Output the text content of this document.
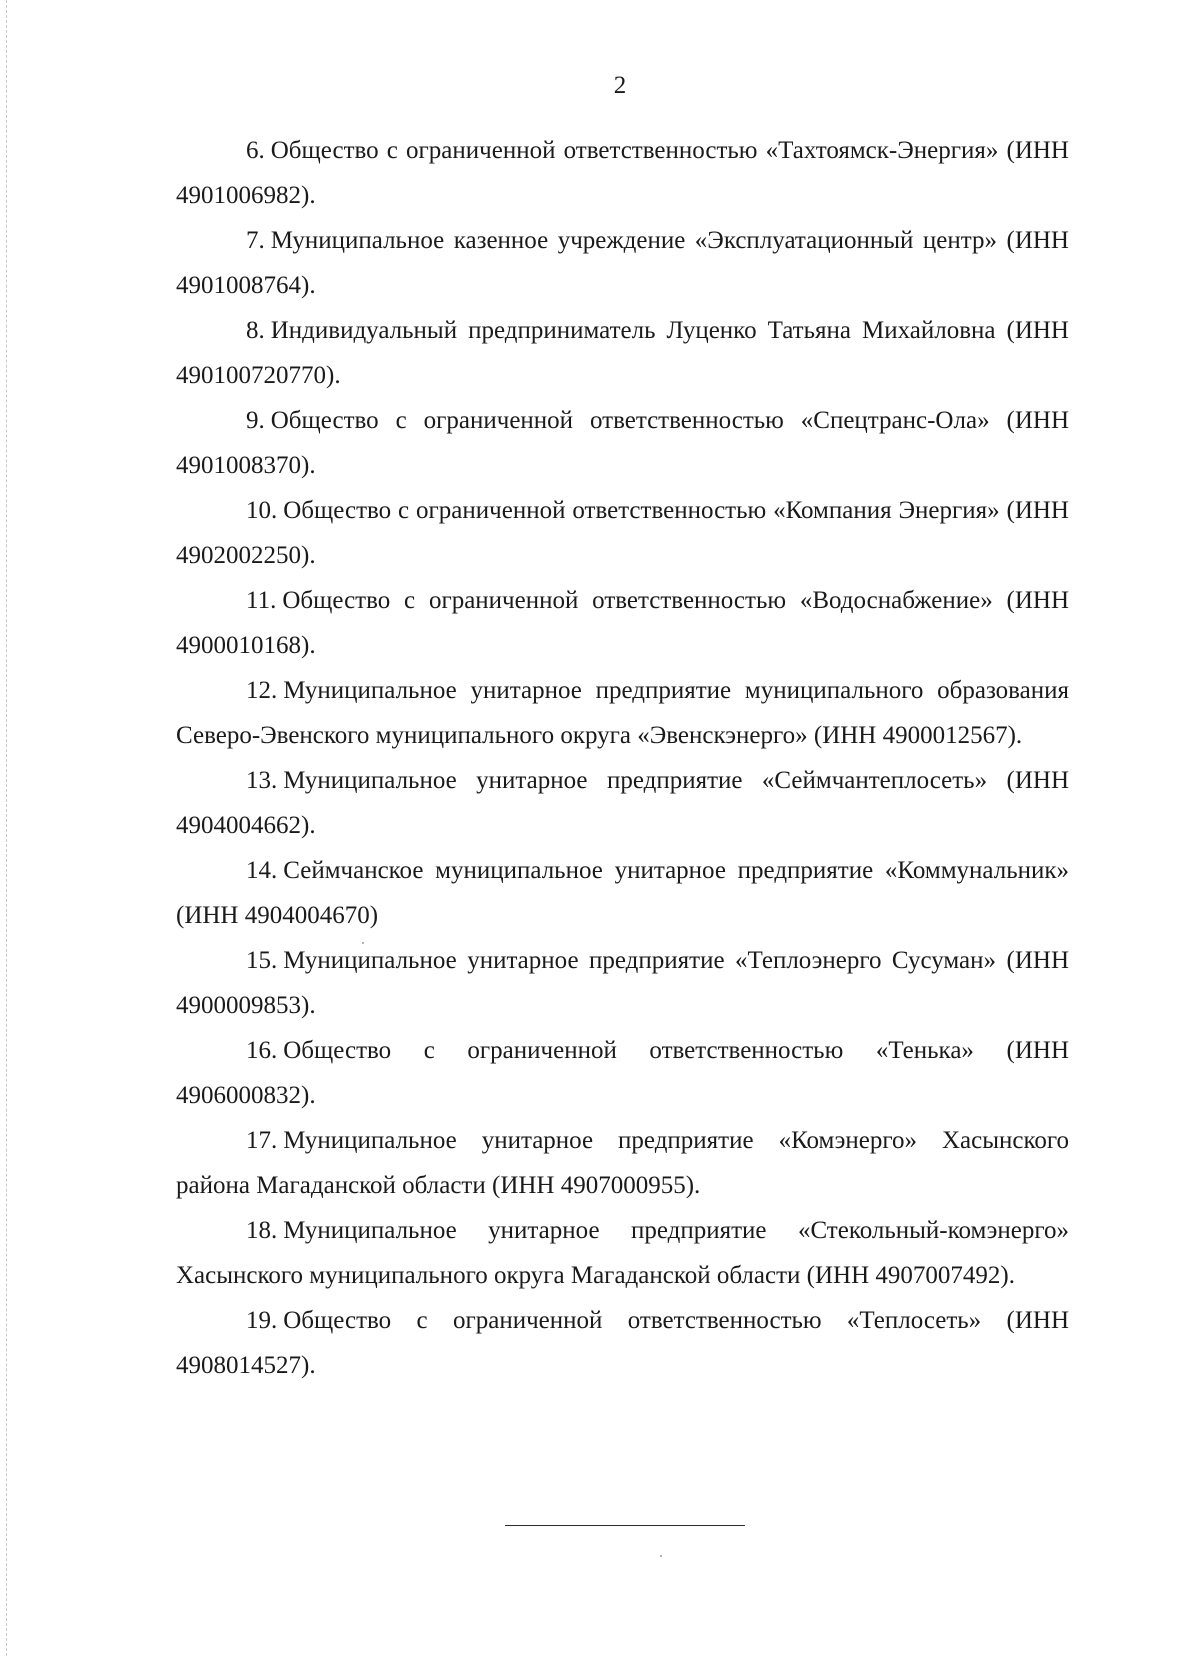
2

6. Общество с ограниченной ответственностью «Тахтоямск-Энергия» (ИНН 4901006982).

7. Муниципальное казенное учреждение «Эксплуатационный центр» (ИНН 4901008764).

8. Индивидуальный предприниматель Луценко Татьяна Михайловна (ИНН 490100720770).

9. Общество с ограниченной ответственностью «Спецтранс-Ола» (ИНН 4901008370).

10. Общество с ограниченной ответственностью «Компания Энергия» (ИНН 4902002250).

11. Общество с ограниченной ответственностью «Водоснабжение» (ИНН 4900010168).

12. Муниципальное унитарное предприятие муниципального образования Северо-Эвенского муниципального округа «Эвенскэнерго» (ИНН 4900012567).

13. Муниципальное унитарное предприятие «Сеймчантеплосеть» (ИНН 4904004662).

14. Сеймчанское муниципальное унитарное предприятие «Коммунальник» (ИНН 4904004670)

15. Муниципальное унитарное предприятие «Теплоэнерго Сусуман» (ИНН 4900009853).

16. Общество с ограниченной ответственностью «Тенька» (ИНН 4906000832).

17. Муниципальное унитарное предприятие «Комэнерго» Хасынского района Магаданской области (ИНН 4907000955).

18. Муниципальное унитарное предприятие «Стекольный-комэнерго» Хасынского муниципального округа Магаданской области (ИНН 4907007492).

19. Общество с ограниченной ответственностью «Теплосеть» (ИНН 4908014527).
